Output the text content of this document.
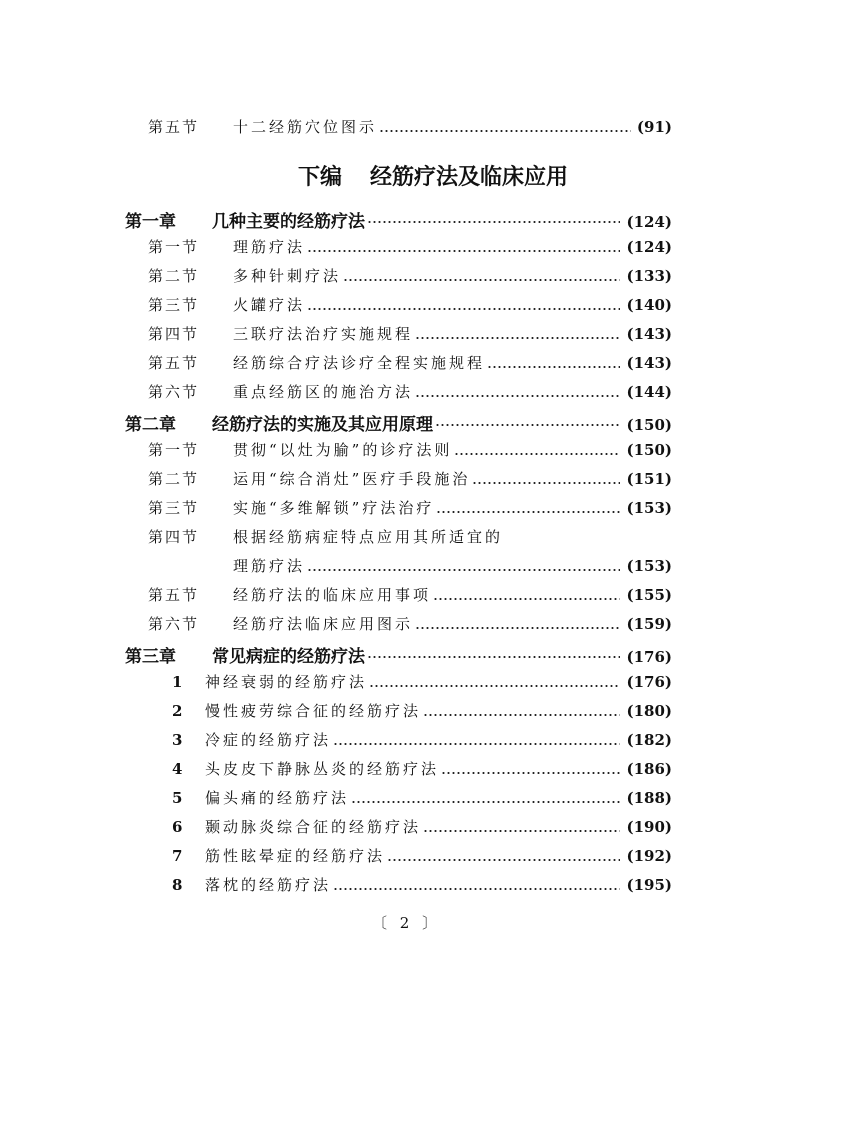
第五节	十二经筋穴位图示	(91)
下编 经筋疗法及临床应用
第一章	几种主要的经筋疗法	(124)
第一节	理筋疗法	(124)
第二节	多种针刺疗法	(133)
第三节	火罐疗法	(140)
第四节	三联疗法治疗实施规程	(143)
第五节	经筋综合疗法诊疗全程实施规程	(143)
第六节	重点经筋区的施治方法	(144)
第二章	经筋疗法的实施及其应用原理	(150)
第一节	贯彻“以灶为腧”的诊疗法则	(150)
第二节	运用“综合消灶”医疗手段施治	(151)
第三节	实施“多维解锁”疗法治疗	(153)
第四节	根据经筋病症特点应用其所适宜的
理筋疗法	(153)
第五节	经筋疗法的临床应用事项	(155)
第六节	经筋疗法临床应用图示	(159)
第三章	常见病症的经筋疗法	(176)
1	神经衰弱的经筋疗法	(176)
2	慢性疲劳综合征的经筋疗法	(180)
3	冷症的经筋疗法	(182)
4	头皮皮下静脉丛炎的经筋疗法	(186)
5	偏头痛的经筋疗法	(188)
6	颞动脉炎综合征的经筋疗法	(190)
7	筋性眩晕症的经筋疗法	(192)
8	落枕的经筋疗法	(195)
〔 2 〕
